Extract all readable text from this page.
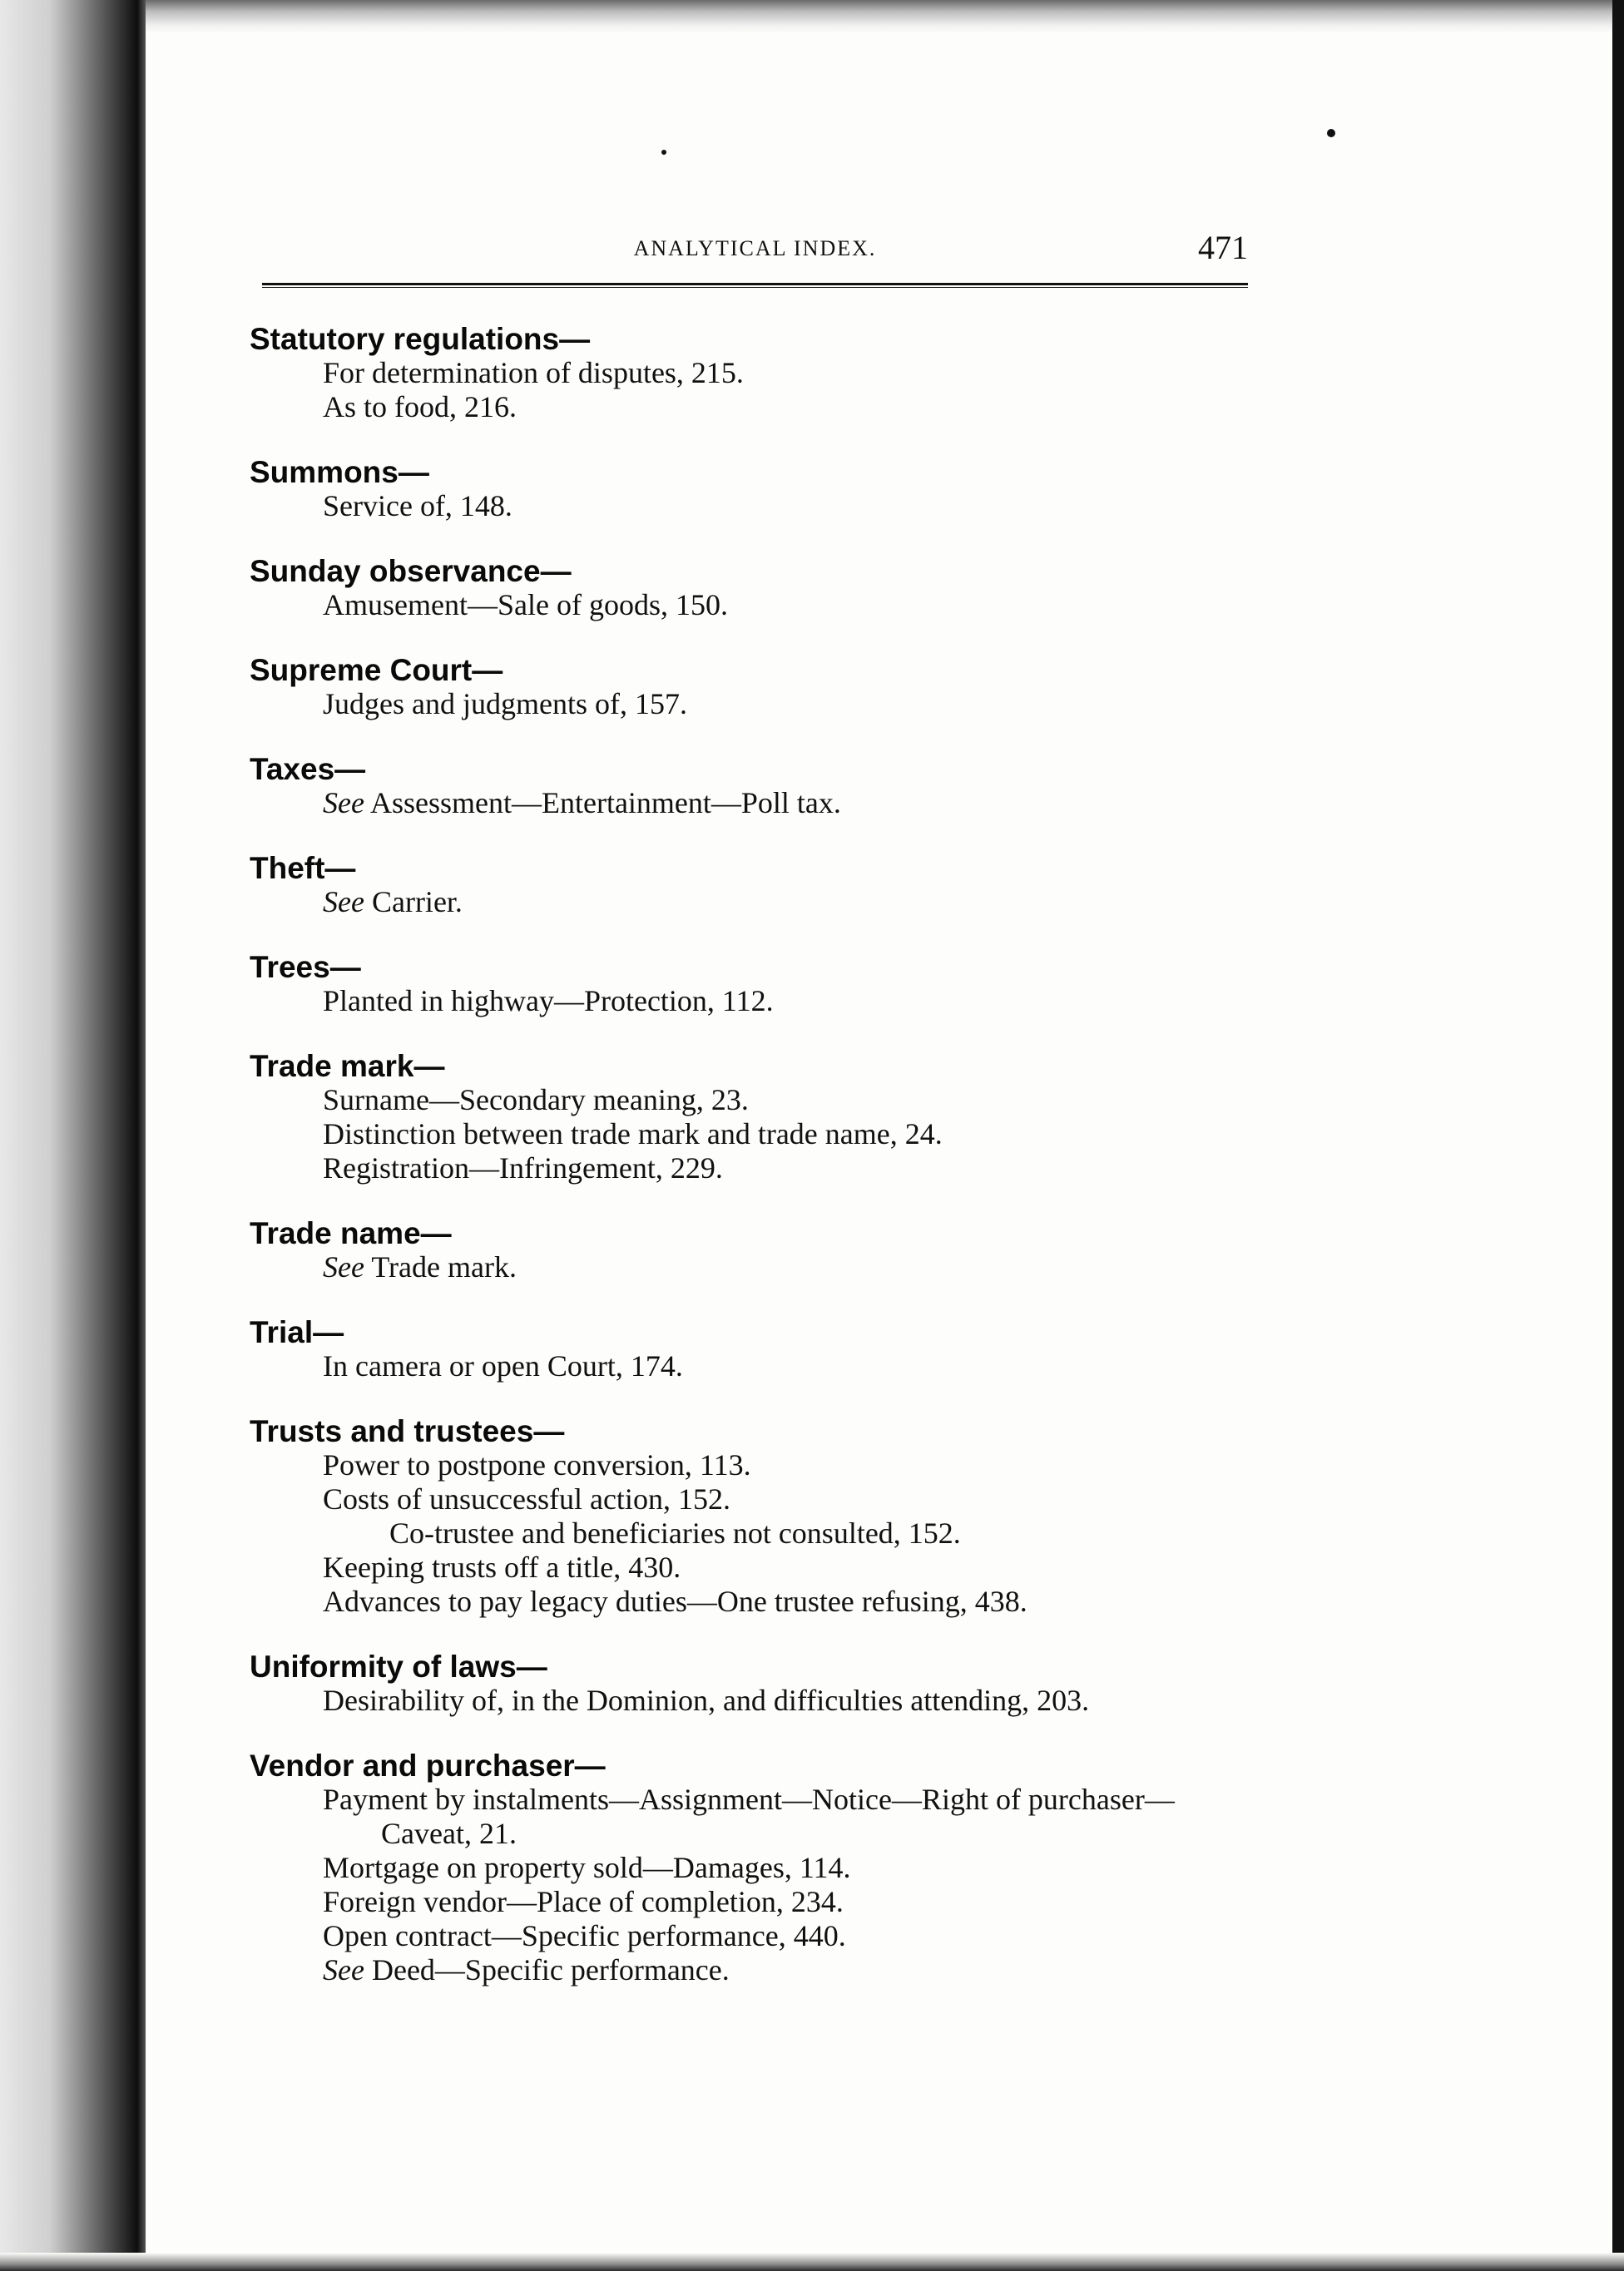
ANALYTICAL INDEX.	471
Statutory regulations—
For determination of disputes, 215.
As to food, 216.
Summons—
Service of, 148.
Sunday observance—
Amusement—Sale of goods, 150.
Supreme Court—
Judges and judgments of, 157.
Taxes—
See Assessment—Entertainment—Poll tax.
Theft—
See Carrier.
Trees—
Planted in highway—Protection, 112.
Trade mark—
Surname—Secondary meaning, 23.
Distinction between trade mark and trade name, 24.
Registration—Infringement, 229.
Trade name—
See Trade mark.
Trial—
In camera or open Court, 174.
Trusts and trustees—
Power to postpone conversion, 113.
Costs of unsuccessful action, 152.
Co-trustee and beneficiaries not consulted, 152.
Keeping trusts off a title, 430.
Advances to pay legacy duties—One trustee refusing, 438.
Uniformity of laws—
Desirability of, in the Dominion, and difficulties attending, 203.
Vendor and purchaser—
Payment by instalments—Assignment—Notice—Right of purchaser—Caveat, 21.
Mortgage on property sold—Damages, 114.
Foreign vendor—Place of completion, 234.
Open contract—Specific performance, 440.
See Deed—Specific performance.
